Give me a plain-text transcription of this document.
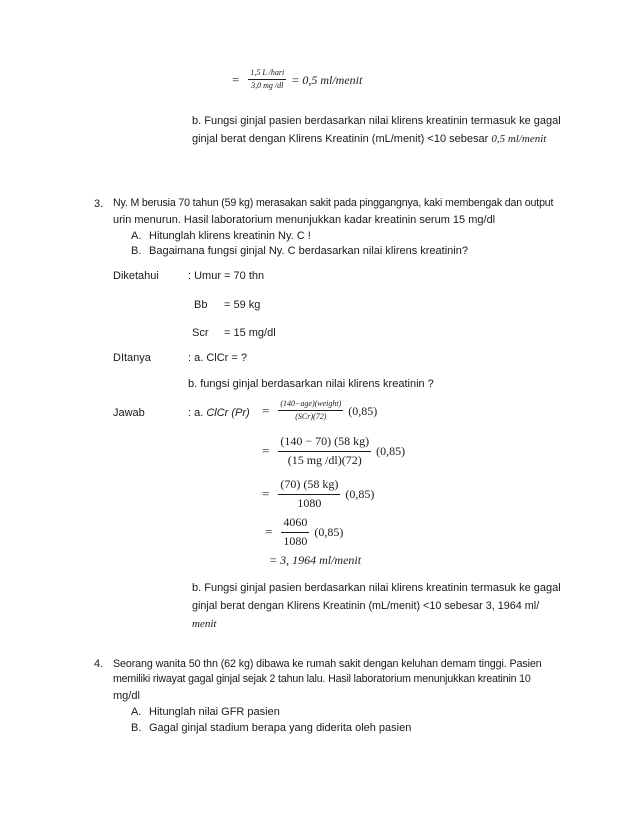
= $\frac{\text{1,5 L /hari}}{3,0 mg /dl} = 0,5$ ml/menit
b. Fungsi ginjal pasien berdasarkan nilai klirens kreatinin termasuk ke gagal
ginjal berat dengan Klirens Kreatinin (mL/menit) <10 sebesar 0,5 ml/menit
3. Ny. M berusia 70 tahun (59 kg) merasakan sakit pada pinggangnya, kaki membengak dan output
urin menurun. Hasil laboratorium menunjukkan kadar kreatinin serum 15 mg/dl
A. Hitunglah klirens kreatinin Ny. C !
B. Bagaimana fungsi ginjal Ny. C berdasarkan nilai klirens kreatinin?
Diketahui	: Umur = 70 thn
Bb = 59 kg
Scr = 15 mg/dl
DItanya	: a. ClCr = ?
b. fungsi ginjal berdasarkan nilai klirens kreatinin ?
Jawab	: a. ClCr $(Pr) = \frac{\text{(140−age)(weight)}}{\text{(SCr)(72)}} (0,85)$
= $\frac{(140 - 70) (58 kg)}{(15 mg /dl)(72)} (0,85)$
= $\frac{(70) (58 kg)}{1080} (0,85)$
= $\frac{4060}{1080} (0,85)$
= 3, 1964 ml/menit
b. Fungsi ginjal pasien berdasarkan nilai klirens kreatinin termasuk ke gagal
ginjal berat dengan Klirens Kreatinin (mL/menit) <10 sebesar 3, 1964 ml/
menit
4. Seorang wanita 50 thn (62 kg) dibawa ke rumah sakit dengan keluhan demam tinggi. Pasien
memiliki riwayat gagal ginjal sejak 2 tahun lalu. Hasil laboratorium menunjukkan kreatinin 10
mg/dl
A. Hitunglah nilai GFR pasien
B. Gagal ginjal stadium berapa yang diderita oleh pasien
